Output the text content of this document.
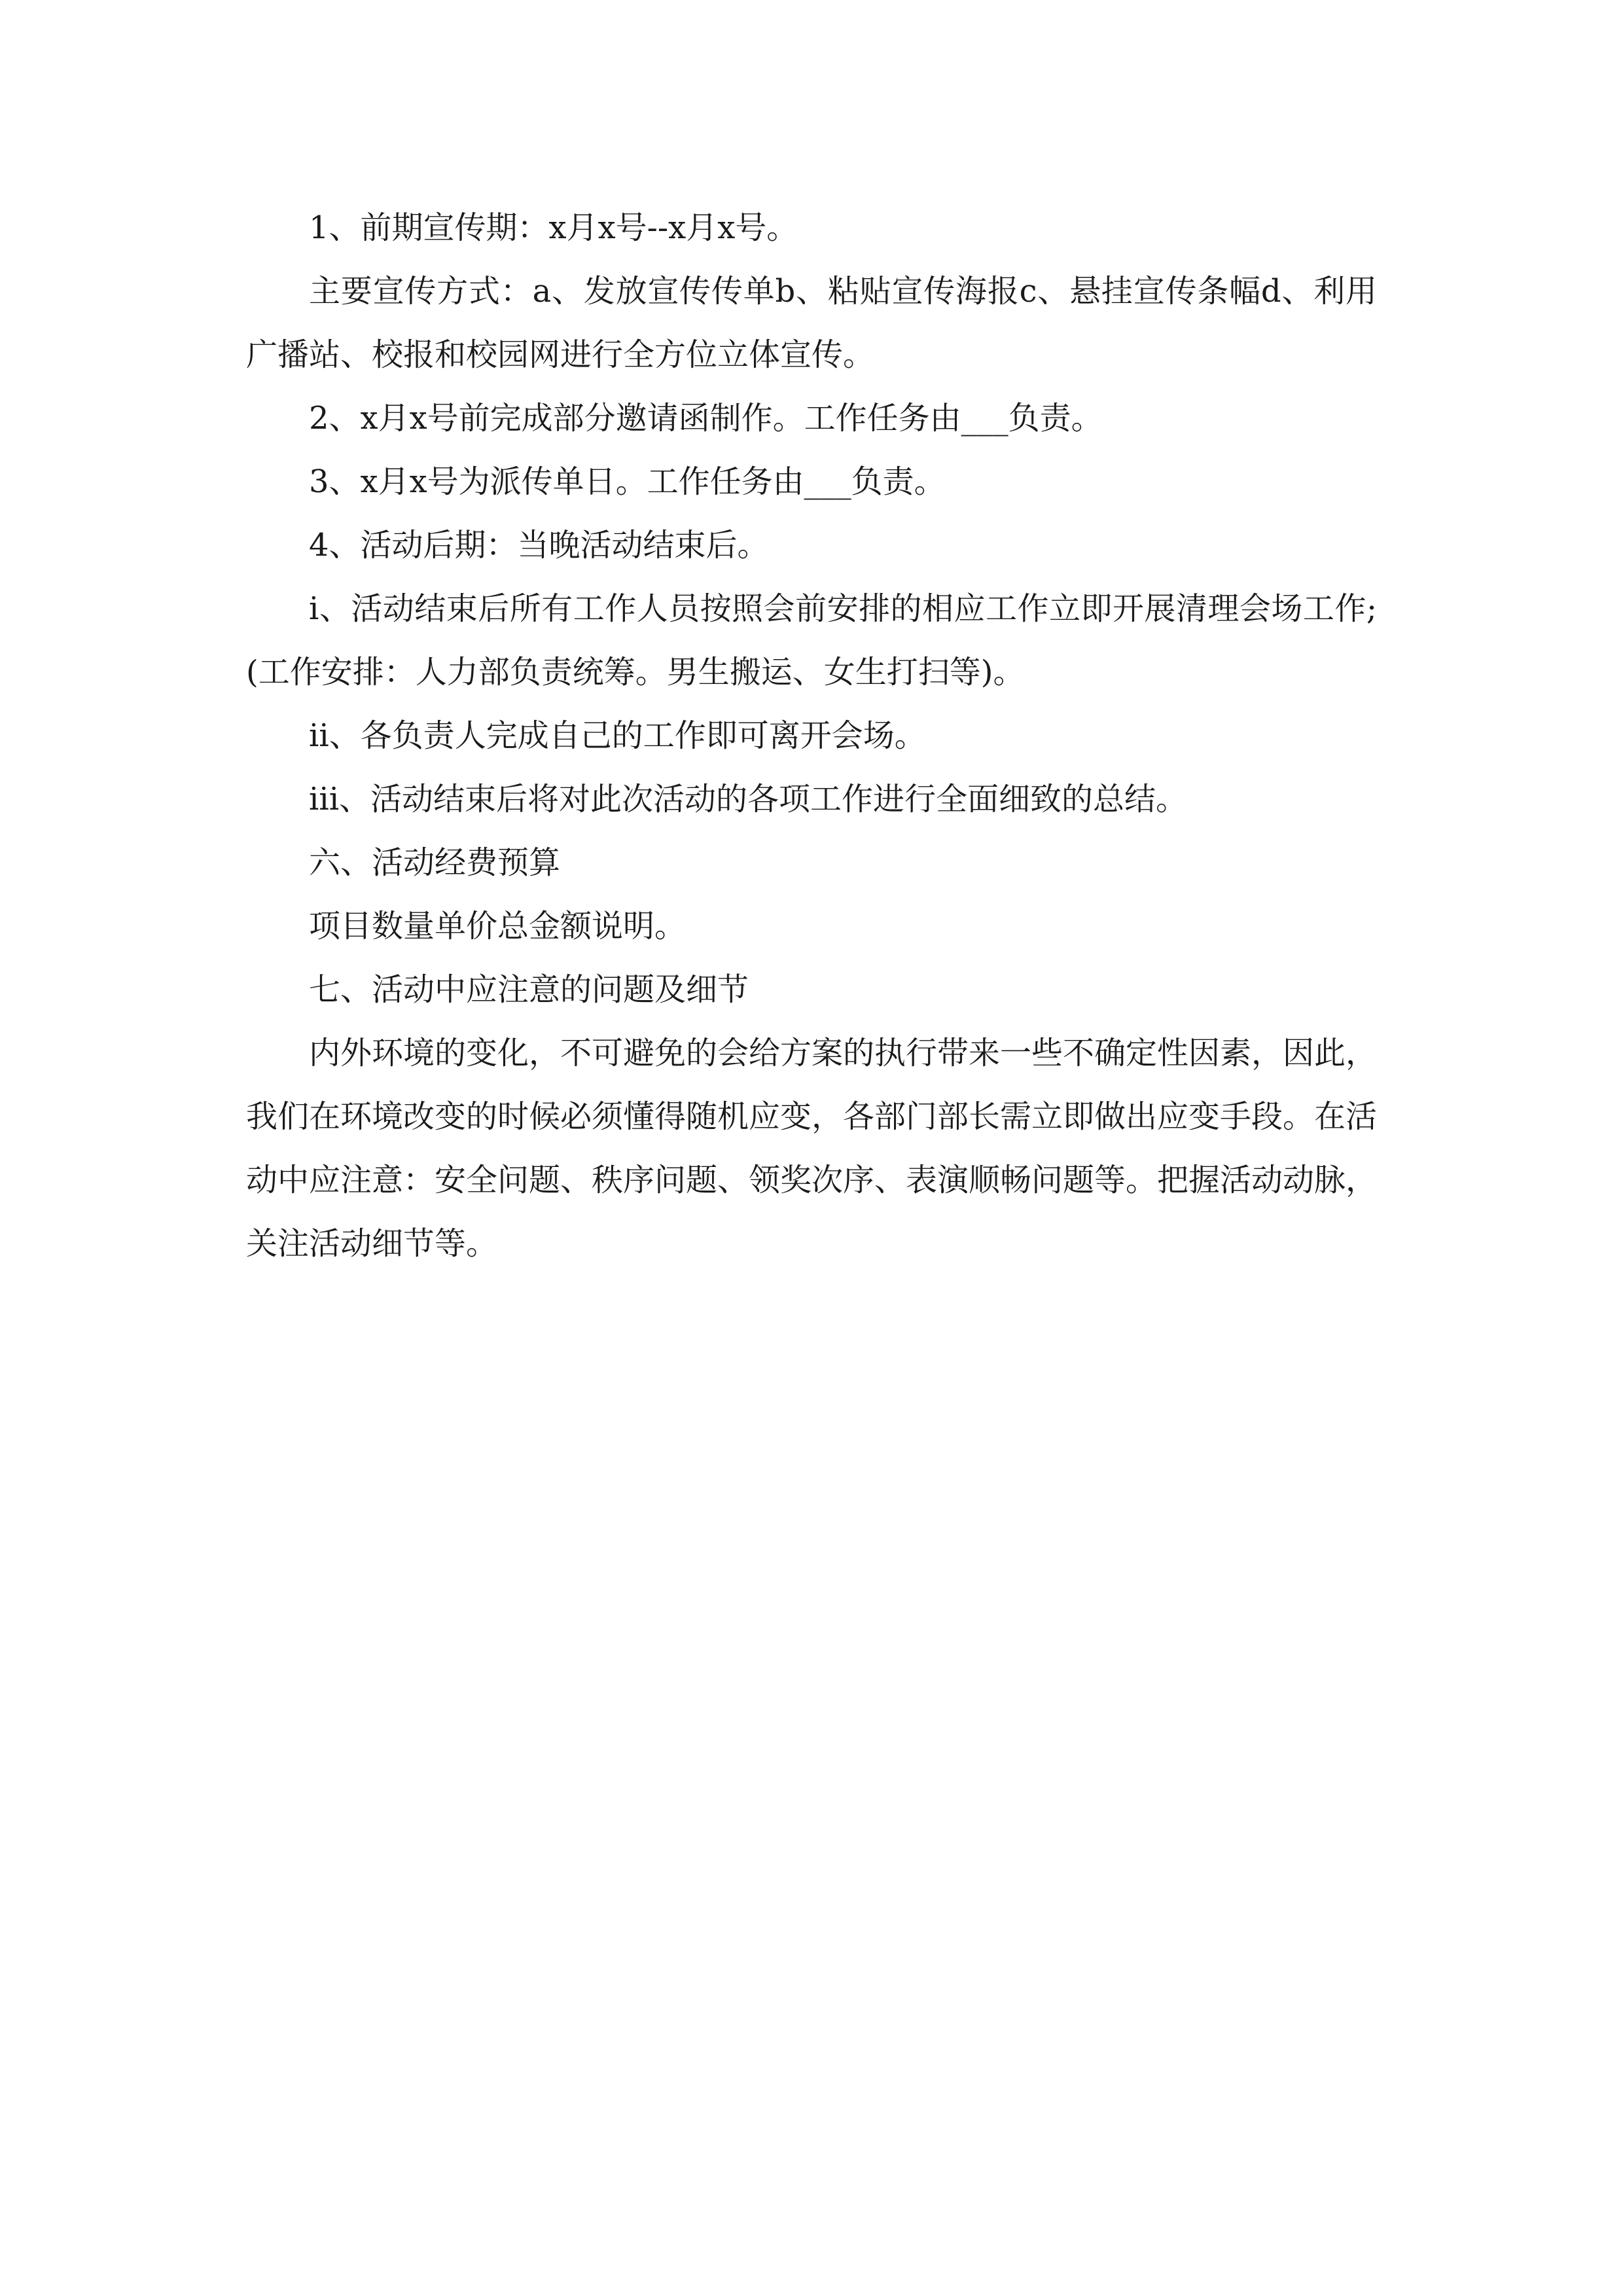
1、前期宣传期：x月x号--x月x号。

主要宣传方式：a、发放宣传传单b、粘贴宣传海报c、悬挂宣传条幅d、利用广播站、校报和校园网进行全方位立体宣传。

2、x月x号前完成部分邀请函制作。工作任务由___负责。

3、x月x号为派传单日。工作任务由___负责。

4、活动后期：当晚活动结束后。

i、活动结束后所有工作人员按照会前安排的相应工作立即开展清理会场工作;(工作安排：人力部负责统筹。男生搬运、女生打扫等)。

ii、各负责人完成自己的工作即可离开会场。

iii、活动结束后将对此次活动的各项工作进行全面细致的总结。

六、活动经费预算

项目数量单价总金额说明。

七、活动中应注意的问题及细节

内外环境的变化，不可避免的会给方案的执行带来一些不确定性因素，因此，我们在环境改变的时候必须懂得随机应变，各部门部长需立即做出应变手段。在活动中应注意：安全问题、秩序问题、领奖次序、表演顺畅问题等。把握活动动脉，关注活动细节等。
